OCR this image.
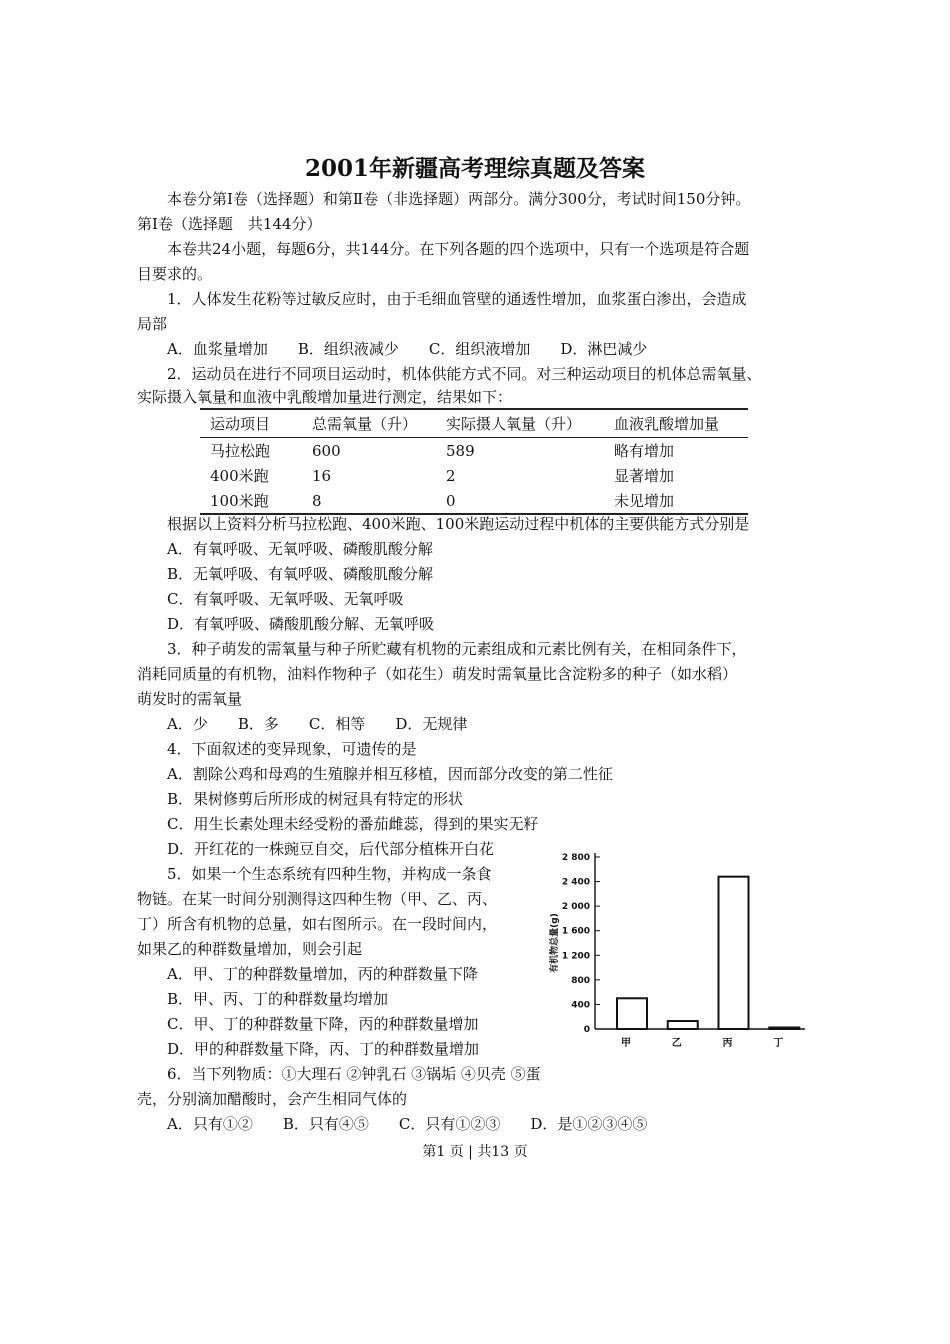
2001年新疆高考理综真题及答案

本卷分第Ⅰ卷（选择题）和第Ⅱ卷（非选择题）两部分。满分300分，考试时间150分钟。

第Ⅰ卷（选择题　共144分）

本卷共24小题，每题6分，共144分。在下列各题的四个选项中，只有一个选项是符合题

目要求的。

1．人体发生花粉等过敏反应时，由于毛细血管壁的通透性增加，血浆蛋白渗出，会造成

局部

A．血浆量增加　　B．组织液减少　　C．组织液增加　　D．淋巴减少

2．运动员在进行不同项目运动时，机体供能方式不同。对三种运动项目的机体总需氧量、

实际摄入氧量和血液中乳酸增加量进行测定，结果如下：

运动项目	总需氧量（升）	实际摄人氧量（升）	血液乳酸增加量
马拉松跑	600	589	略有增加
400米跑	16	2	显著增加
100米跑	8	0	未见增加

根据以上资料分析马拉松跑、400米跑、100米跑运动过程中机体的主要供能方式分别是

A．有氧呼吸、无氧呼吸、磷酸肌酸分解

B．无氧呼吸、有氧呼吸、磷酸肌酸分解

C．有氧呼吸、无氧呼吸、无氧呼吸

D．有氧呼吸、磷酸肌酸分解、无氧呼吸

3．种子萌发的需氧量与种子所贮藏有机物的元素组成和元素比例有关，在相同条件下，

消耗同质量的有机物，油料作物种子（如花生）萌发时需氧量比含淀粉多的种子（如水稻）

萌发时的需氧量

A．少　　B．多　　C．相等　　D．无规律

4．下面叙述的变异现象，可遗传的是

A．割除公鸡和母鸡的生殖腺并相互移植，因而部分改变的第二性征

B．果树修剪后所形成的树冠具有特定的形状

C．用生长素处理未经受粉的番茄雌蕊，得到的果实无籽

D．开红花的一株豌豆自交，后代部分植株开白花

5．如果一个生态系统有四种生物，并构成一条食

物链。在某一时间分别测得这四种生物（甲、乙、丙、

丁）所含有机物的总量，如右图所示。在一段时间内，

如果乙的种群数量增加，则会引起

A．甲、丁的种群数量增加，丙的种群数量下降

B．甲、丙、丁的种群数量均增加

C．甲、丁的种群数量下降，丙的种群数量增加

D．甲的种群数量下降，丙、丁的种群数量增加

6．当下列物质：①大理石 ②钟乳石 ③锅垢 ④贝壳 ⑤蛋

壳，分别滴加醋酸时，会产生相同气体的

A．只有①②　　B．只有④⑤　　C．只有①②③　　D．是①②③④⑤

0
400
800
1 200
1 600
2 000
2 400
2 800
有机物总量(g)
甲	乙	丙	丁

第1 页 | 共13 页
